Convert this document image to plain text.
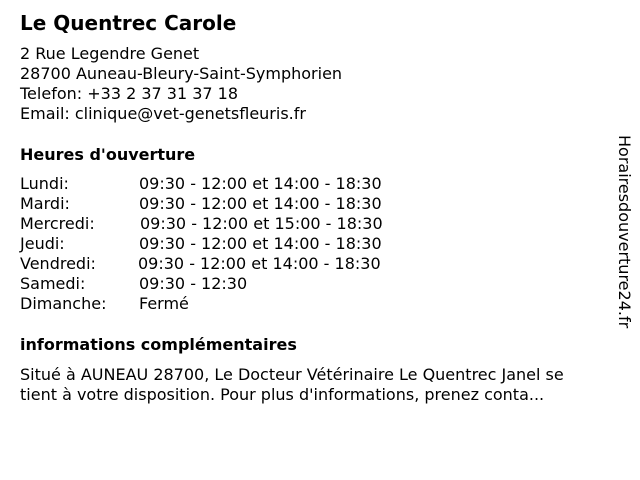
Le Quentrec Carole
2 Rue Legendre Genet
28700 Auneau-Bleury-Saint-Symphorien
Telefon: +33 2 37 31 37 18
Email: clinique@vet-genetsfleuris.fr
Heures d'ouverture
Lundi:	09:30 - 12:00 et 14:00 - 18:30
Mardi:	09:30 - 12:00 et 14:00 - 18:30
Mercredi:	09:30 - 12:00 et 15:00 - 18:30
Jeudi:	09:30 - 12:00 et 14:00 - 18:30
Vendredi:	09:30 - 12:00 et 14:00 - 18:30
Samedi:	09:30 - 12:30
Dimanche:	Fermé
informations complémentaires
Situé à AUNEAU 28700, Le Docteur Vétérinaire Le Quentrec Janel se
tient à votre disposition. Pour plus d'informations, prenez conta...
Horairesdouverture24.fr
